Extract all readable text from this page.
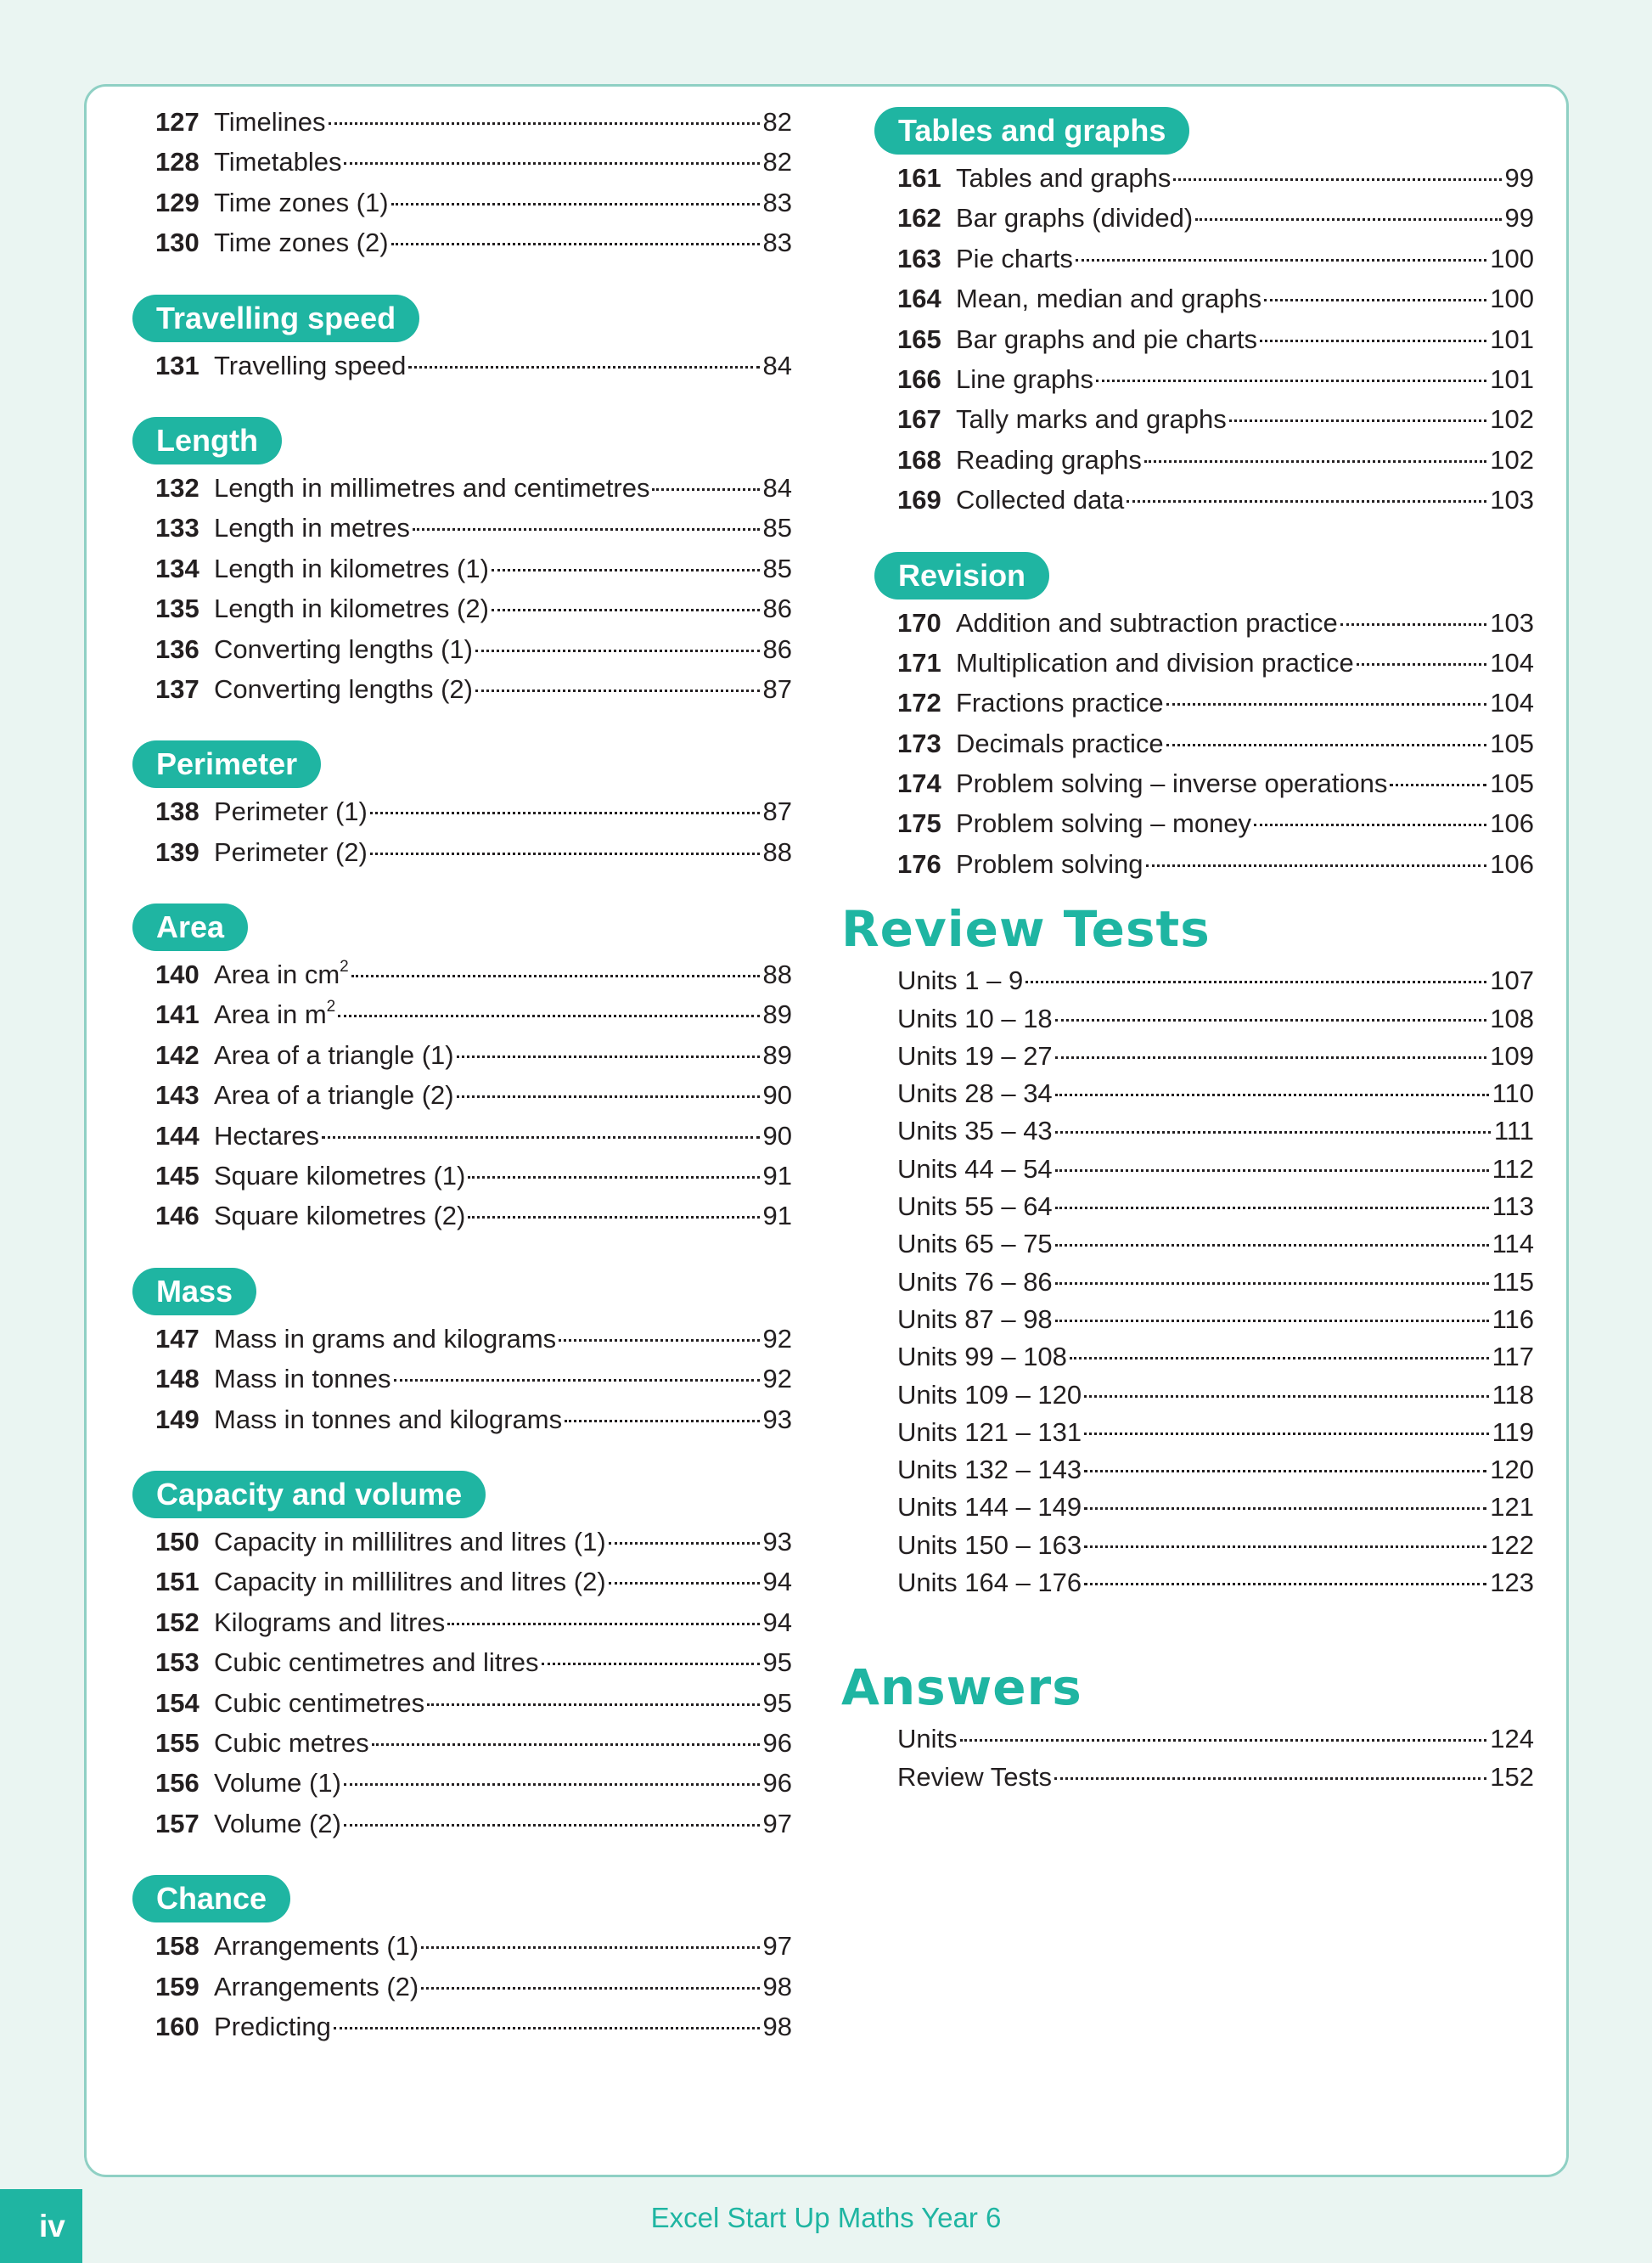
127 Timelines	82
128 Timetables	82
129 Time zones (1)	83
130 Time zones (2)	83
Travelling speed
131 Travelling speed	84
Length
132 Length in millimetres and centimetres	84
133 Length in metres	85
134 Length in kilometres (1)	85
135 Length in kilometres (2)	86
136 Converting lengths (1)	86
137 Converting lengths (2)	87
Perimeter
138 Perimeter (1)	87
139 Perimeter (2)	88
Area
140 Area in $cm^2$	88
141 Area in $m^2$	89
142 Area of a triangle (1)	89
143 Area of a triangle (2)	90
144 Hectares	90
145 Square kilometres (1)	91
146 Square kilometres (2)	91
Mass
147 Mass in grams and kilograms	92
148 Mass in tonnes	92
149 Mass in tonnes and kilograms	93
Capacity and volume
150 Capacity in millilitres and litres (1)	93
151 Capacity in millilitres and litres (2)	94
152 Kilograms and litres	94
153 Cubic centimetres and litres	95
154 Cubic centimetres	95
155 Cubic metres	96
156 Volume (1)	96
157 Volume (2)	97
Chance
158 Arrangements (1)	97
159 Arrangements (2)	98
160 Predicting	98
Tables and graphs
161 Tables and graphs	99
162 Bar graphs (divided)	99
163 Pie charts	100
164 Mean, median and graphs	100
165 Bar graphs and pie charts	101
166 Line graphs	101
167 Tally marks and graphs	102
168 Reading graphs	102
169 Collected data	103
Revision
170 Addition and subtraction practice	103
171 Multiplication and division practice	104
172 Fractions practice	104
173 Decimals practice	105
174 Problem solving – inverse operations	105
175 Problem solving – money	106
176 Problem solving	106
Review Tests
Units 1 – 9	107
Units 10 – 18	108
Units 19 – 27	109
Units 28 – 34	110
Units 35 – 43	111
Units 44 – 54	112
Units 55 – 64	113
Units 65 – 75	114
Units 76 – 86	115
Units 87 – 98	116
Units 99 – 108	117
Units 109 – 120	118
Units 121 – 131	119
Units 132 – 143	120
Units 144 – 149	121
Units 150 – 163	122
Units 164 – 176	123
Answers
Units	124
Review Tests	152
iv	Excel Start Up Maths Year 6
